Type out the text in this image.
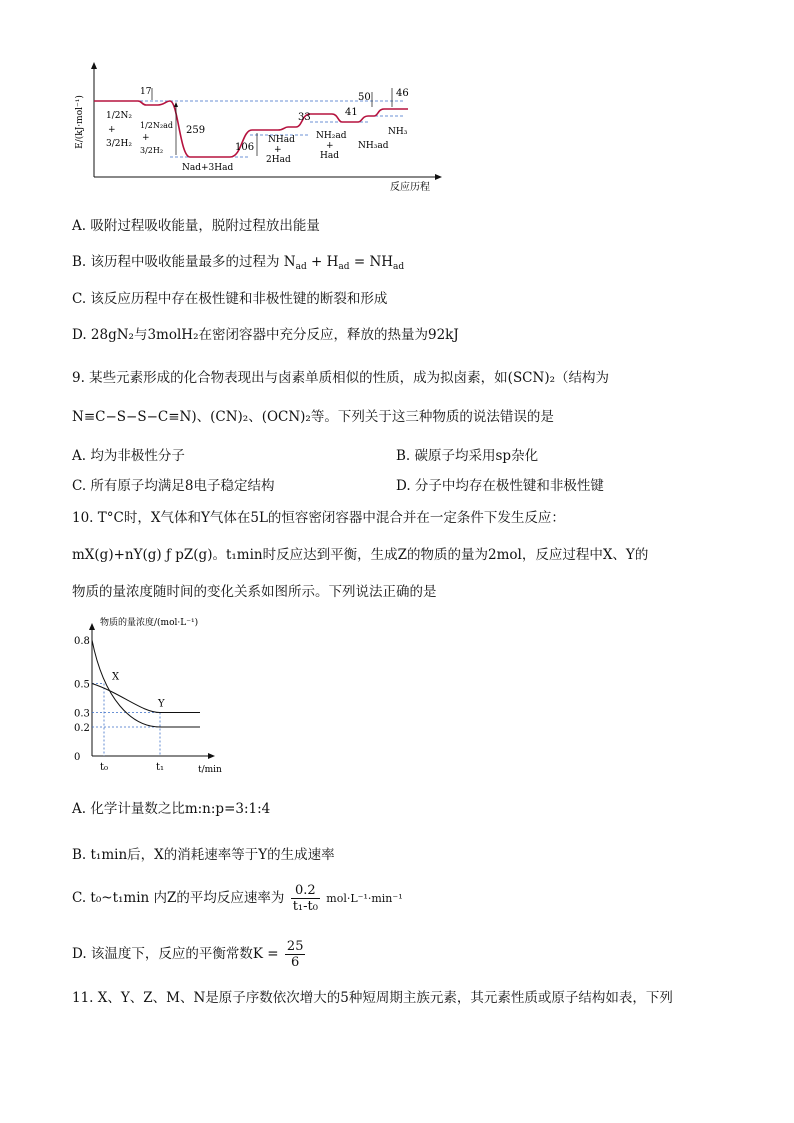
E/(kJ·mol⁻¹)
反应历程
17
259
106
33	41
50	46
1/2N₂
3/2H₂
+	1/2N₂ad
+
3/2H₂
Nad+3Had
NHad
+
2Had
NH₂ad
+
Had
NH₃ad
NH₃
A. 吸附过程吸收能量，脱附过程放出能量
B. 该历程中吸收能量最多的过程为 $N_{ad} + H_{ad} = NH_{ad}$
C. 该反应历程中存在极性键和非极性键的断裂和形成
D. 28gN₂与3molH₂在密闭容器中充分反应，释放的热量为92kJ
9. 某些元素形成的化合物表现出与卤素单质相似的性质，成为拟卤素，如(SCN)₂（结构为
N≡C−S−S−C≡N)、(CN)₂、(OCN)₂等。下列关于这三种物质的说法错误的是
A. 均为非极性分子	B. 碳原子均采用sp杂化
C. 所有原子均满足8电子稳定结构	D. 分子中均存在极性键和非极性键
10. T°C时，X气体和Y气体在5L的恒容密闭容器中混合并在一定条件下发生反应：
mX(g)+nY(g) ƒ pZ(g)。t₁min时反应达到平衡，生成Z的物质的量为2mol，反应过程中X、Y的
物质的量浓度随时间的变化关系如图所示。下列说法正确的是
物质的量浓度/(mol·L⁻¹)
0.8
0.5
0.3
0.2
0
t₀	t₁
X
Y
t/min
A. 化学计量数之比m:n:p=3:1:4
B. t₁min后，X的消耗速率等于Y的生成速率
C. t₀~t₁min 内Z的平均反应速率为 $\frac{0.2}{\text{t₁-t₀}} mol\cdot L^{-1}\cdot\min^{-1}$
D. 该温度下，反应的平衡常数$K = \frac{25}{6}$
11. X、Y、Z、M、N是原子序数依次增大的5种短周期主族元素，其元素性质或原子结构如表，下列
